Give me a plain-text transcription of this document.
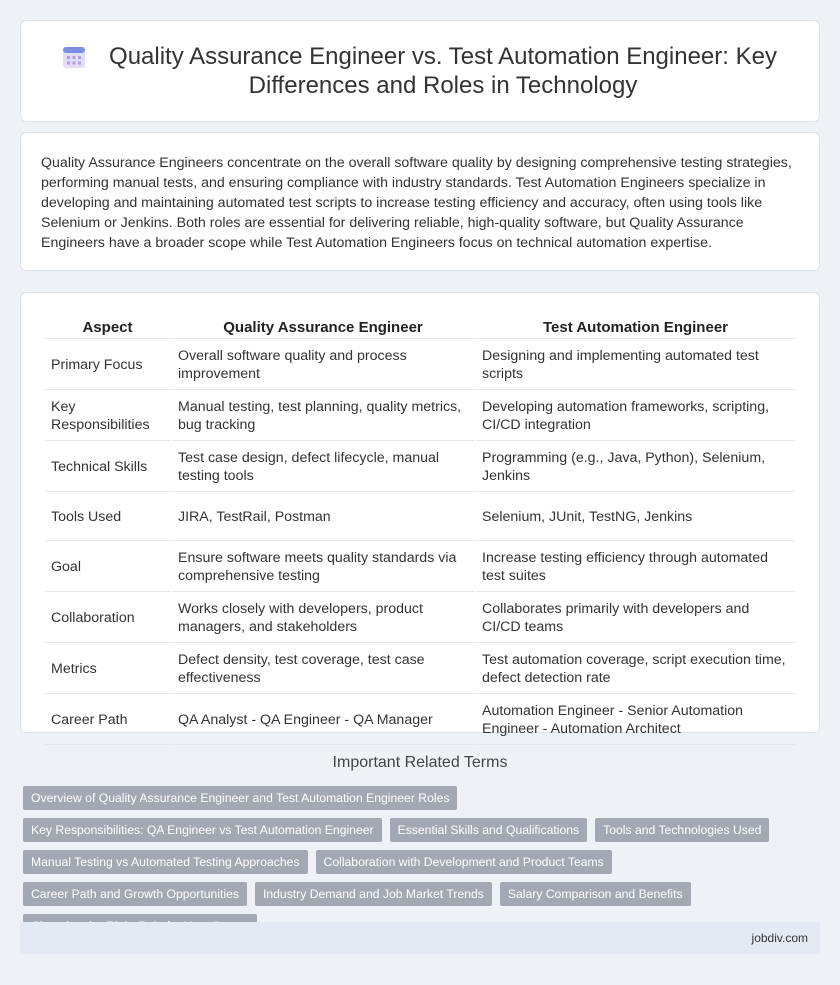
Quality Assurance Engineer vs. Test Automation Engineer: Key Differences and Roles in Technology

Quality Assurance Engineers concentrate on the overall software quality by designing comprehensive testing strategies, performing manual tests, and ensuring compliance with industry standards. Test Automation Engineers specialize in developing and maintaining automated test scripts to increase testing efficiency and accuracy, often using tools like Selenium or Jenkins. Both roles are essential for delivering reliable, high-quality software, but Quality Assurance Engineers have a broader scope while Test Automation Engineers focus on technical automation expertise.

Aspect	Quality Assurance Engineer	Test Automation Engineer
Primary Focus	Overall software quality and process improvement	Designing and implementing automated test scripts
Key Responsibilities	Manual testing, test planning, quality metrics, bug tracking	Developing automation frameworks, scripting, CI/CD integration
Technical Skills	Test case design, defect lifecycle, manual testing tools	Programming (e.g., Java, Python), Selenium, Jenkins
Tools Used	JIRA, TestRail, Postman	Selenium, JUnit, TestNG, Jenkins
Goal	Ensure software meets quality standards via comprehensive testing	Increase testing efficiency through automated test suites
Collaboration	Works closely with developers, product managers, and stakeholders	Collaborates primarily with developers and CI/CD teams
Metrics	Defect density, test coverage, test case effectiveness	Test automation coverage, script execution time, defect detection rate
Career Path	QA Analyst - QA Engineer - QA Manager	Automation Engineer - Senior Automation Engineer - Automation Architect
Important Related Terms
Overview of Quality Assurance Engineer and Test Automation Engineer Roles
Key Responsibilities: QA Engineer vs Test Automation Engineer	Essential Skills and Qualifications	Tools and Technologies Used
Manual Testing vs Automated Testing Approaches	Collaboration with Development and Product Teams
Career Path and Growth Opportunities	Industry Demand and Job Market Trends	Salary Comparison and Benefits
jobdiv.com
